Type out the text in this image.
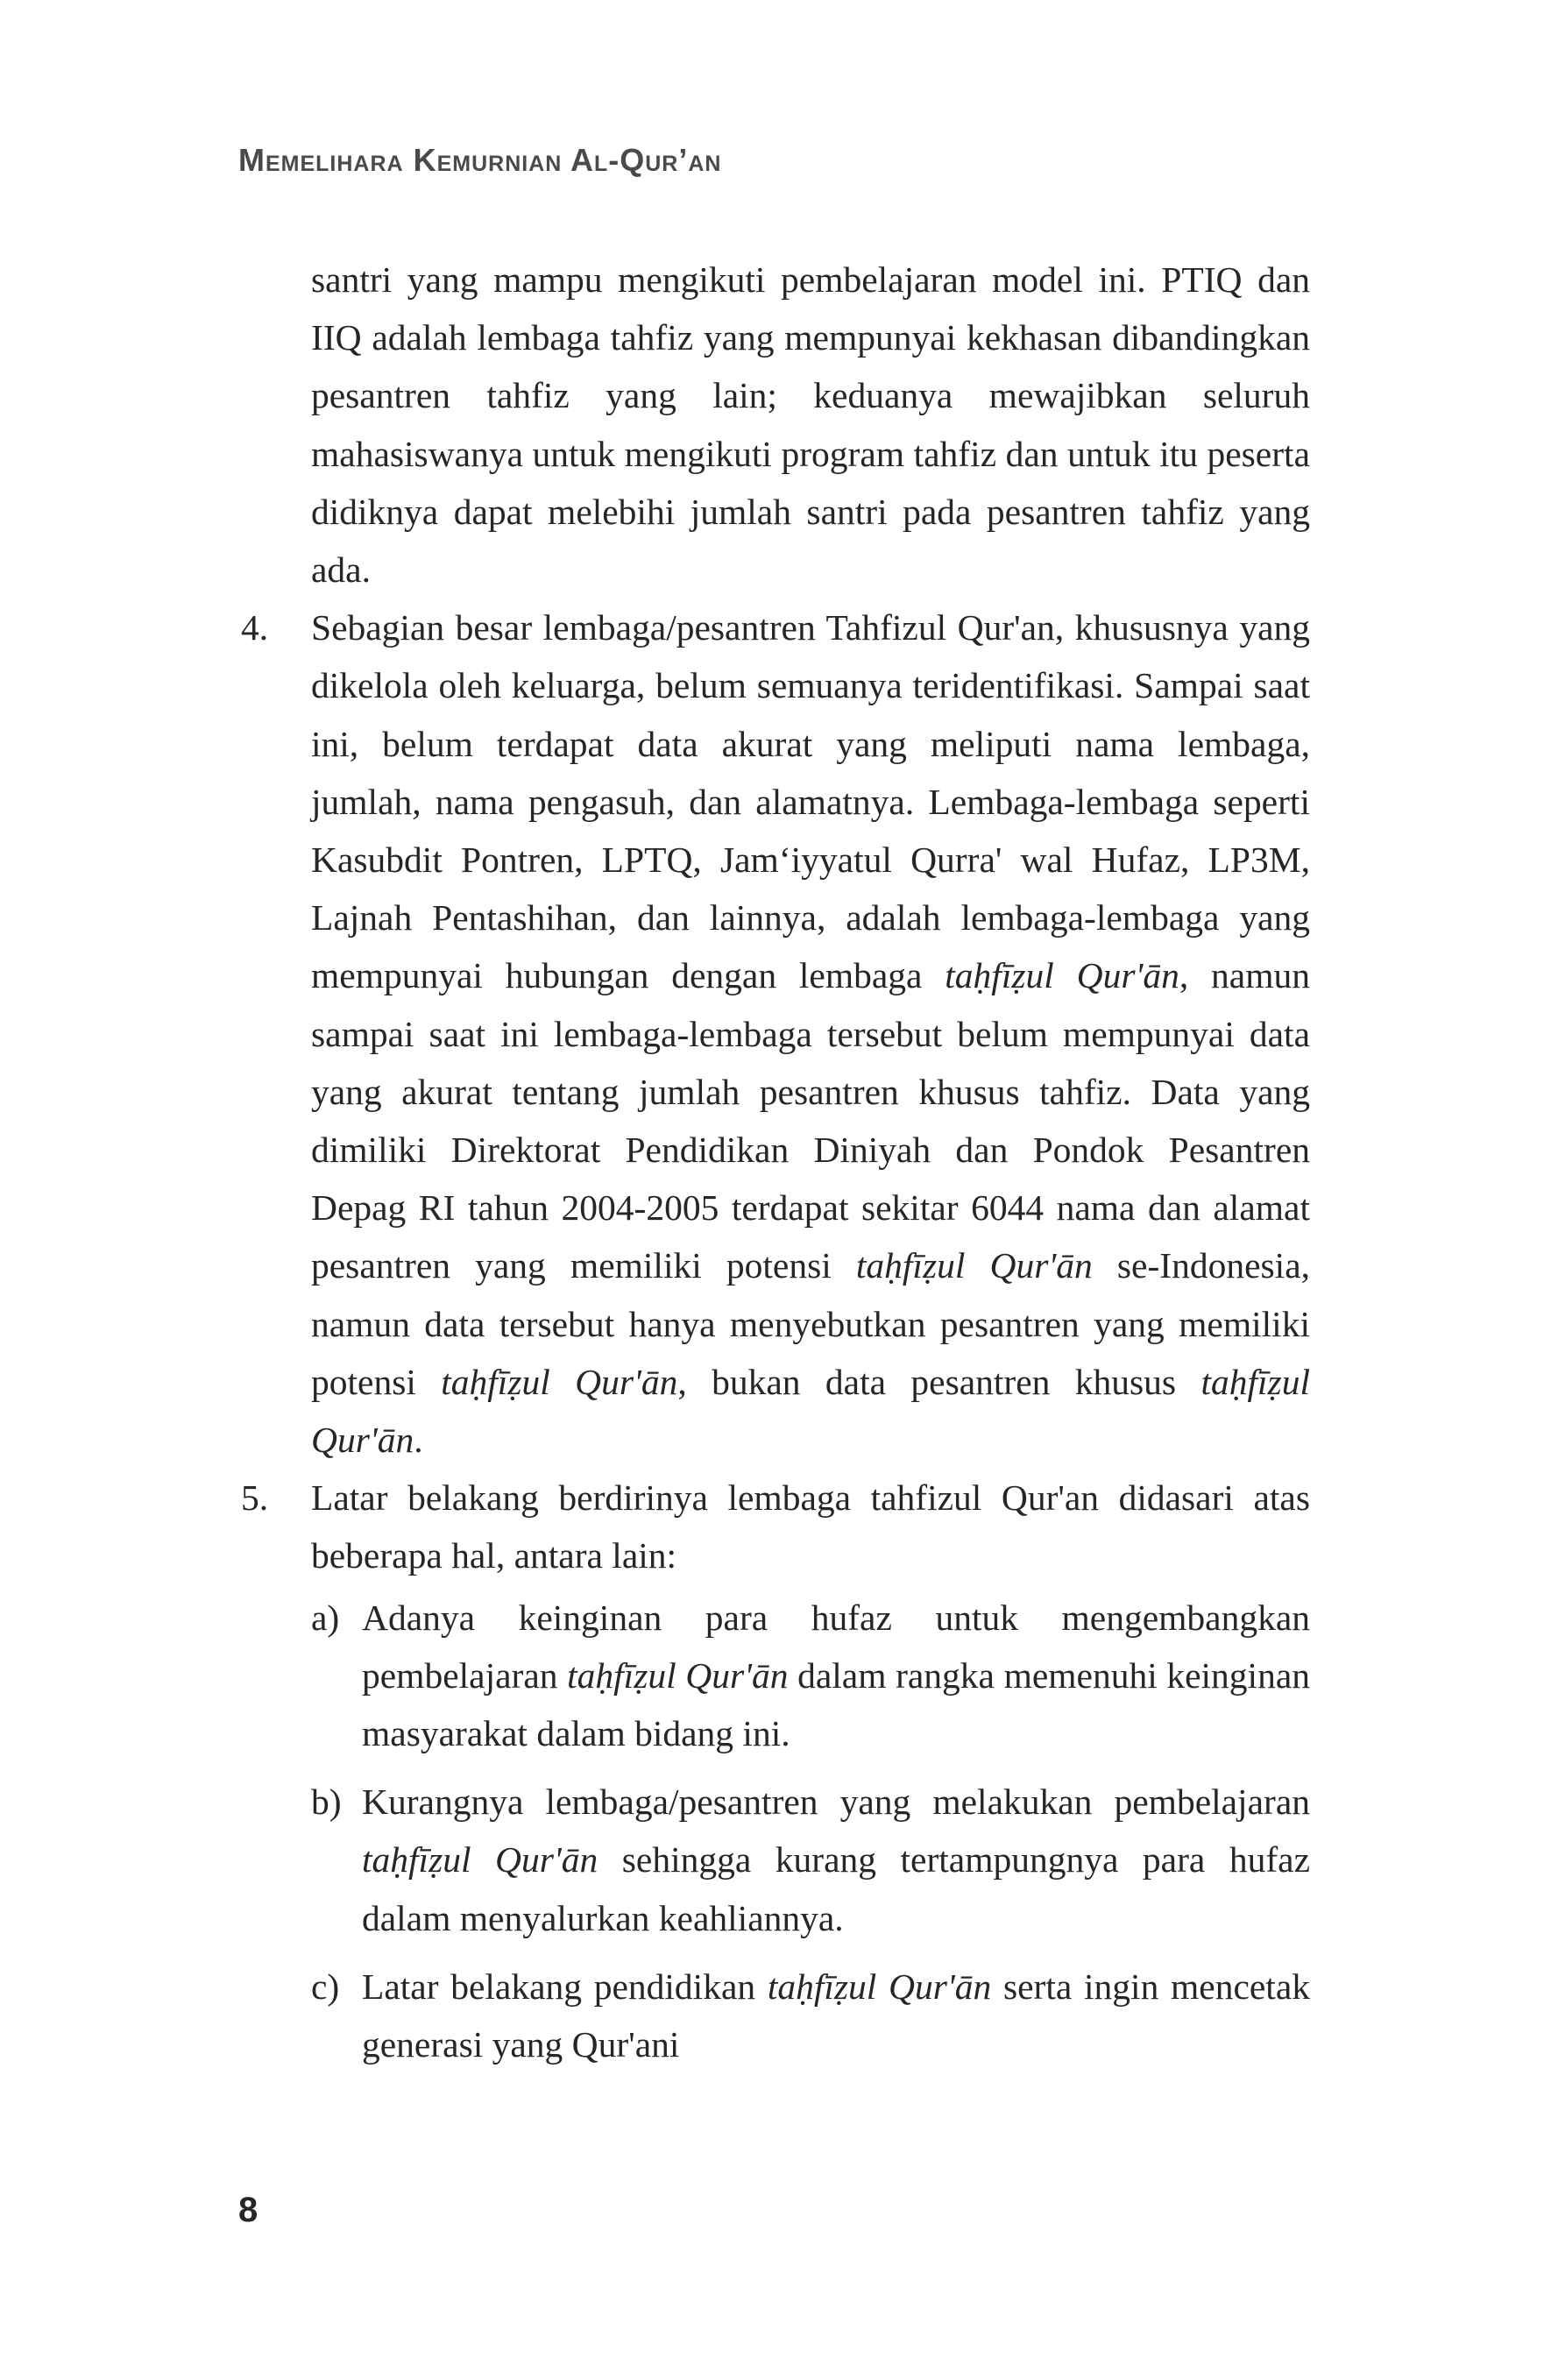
Memelihara Kemurnian Al-Qur’an

santri yang mampu mengikuti pembelajaran model ini. PTIQ dan IIQ adalah lembaga tahfiz yang mempunyai kekhasan dibandingkan pesantren tahfiz yang lain; keduanya mewajibkan seluruh mahasiswanya untuk mengikuti program tahfiz dan untuk itu peserta didiknya dapat melebihi jumlah santri pada pesantren tahfiz yang ada.

4. Sebagian besar lembaga/pesantren Tahfizul Qur'an, khususnya yang dikelola oleh keluarga, belum semuanya teridentifikasi. Sampai saat ini, belum terdapat data akurat yang meliputi nama lembaga, jumlah, nama pengasuh, dan alamatnya. Lembaga-lembaga seperti Kasubdit Pontren, LPTQ, Jam‘iyyatul Qurra' wal Hufaz, LP3M, Lajnah Pentashihan, dan lainnya, adalah lembaga-lembaga yang mempunyai hubungan dengan lembaga taḥfīẓul Qur'ān, namun sampai saat ini lembaga-lembaga tersebut belum mempunyai data yang akurat tentang jumlah pesantren khusus tahfiz. Data yang dimiliki Direktorat Pendidikan Diniyah dan Pondok Pesantren Depag RI tahun 2004-2005 terdapat sekitar 6044 nama dan alamat pesantren yang memiliki potensi taḥfīẓul Qur'ān se-Indonesia, namun data tersebut hanya menyebutkan pesantren yang memiliki potensi taḥfīẓul Qur'ān, bukan data pesantren khusus taḥfīẓul Qur'ān.
5. Latar belakang berdirinya lembaga tahfizul Qur'an didasari atas beberapa hal, antara lain:
a) Adanya keinginan para hufaz untuk mengembangkan pembelajaran taḥfīẓul Qur'ān dalam rangka memenuhi keinginan masyarakat dalam bidang ini.
b) Kurangnya lembaga/pesantren yang melakukan pembelajaran taḥfīẓul Qur'ān sehingga kurang tertampungnya para hufaz dalam menyalurkan keahliannya.
c) Latar belakang pendidikan taḥfīẓul Qur'ān serta ingin mencetak generasi yang Qur'ani
8
